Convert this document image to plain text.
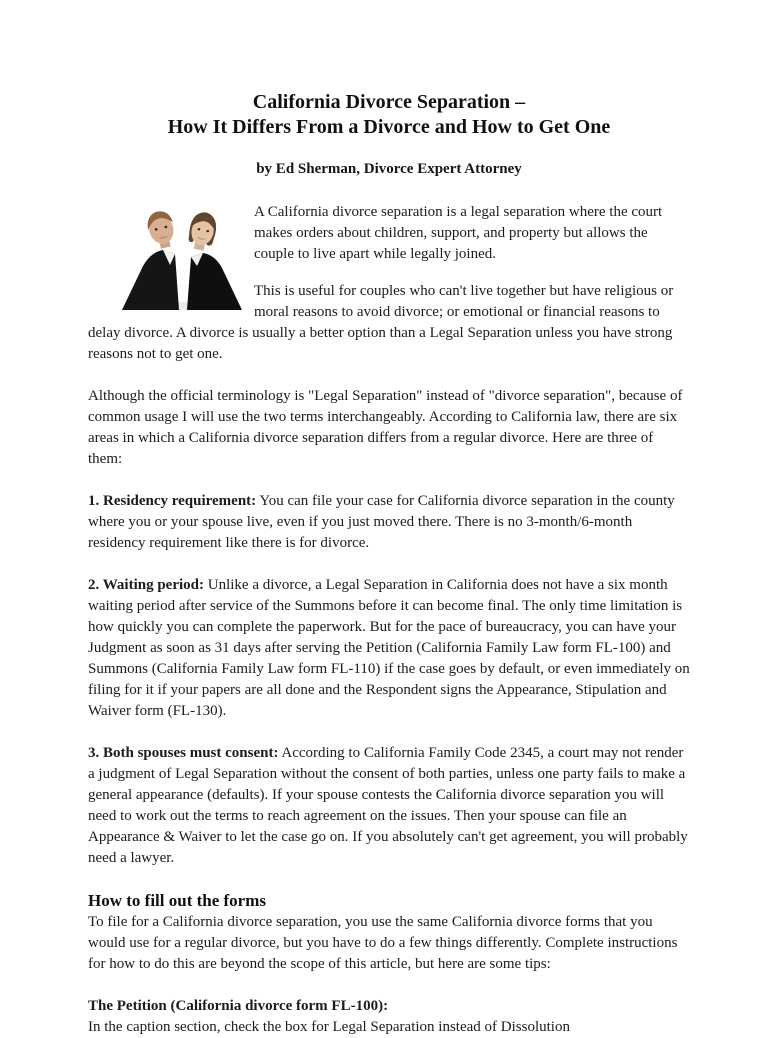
California Divorce Separation –
How It Differs From a Divorce and How to Get One
by Ed Sherman, Divorce Expert Attorney

A California divorce separation is a legal separation where the court makes orders about children, support, and property but allows the couple to live apart while legally joined.

This is useful for couples who can't live together but have religious or moral reasons to avoid divorce; or emotional or financial reasons to delay divorce. A divorce is usually a better option than a Legal Separation unless you have strong reasons not to get one.

Although the official terminology is "Legal Separation" instead of "divorce separation", because of common usage I will use the two terms interchangeably. According to California law, there are six areas in which a California divorce separation differs from a regular divorce. Here are three of them:

1. Residency requirement: You can file your case for California divorce separation in the county where you or your spouse live, even if you just moved there. There is no 3-month/6-month residency requirement like there is for divorce.

2. Waiting period: Unlike a divorce, a Legal Separation in California does not have a six month waiting period after service of the Summons before it can become final. The only time limitation is how quickly you can complete the paperwork. But for the pace of bureaucracy, you can have your Judgment as soon as 31 days after serving the Petition (California Family Law form FL-100) and Summons (California Family Law form FL-110) if the case goes by default, or even immediately on filing for it if your papers are all done and the Respondent signs the Appearance, Stipulation and Waiver form (FL-130).

3. Both spouses must consent: According to California Family Code 2345, a court may not render a judgment of Legal Separation without the consent of both parties, unless one party fails to make a general appearance (defaults). If your spouse contests the California divorce separation you will need to work out the terms to reach agreement on the issues. Then your spouse can file an Appearance & Waiver to let the case go on. If you absolutely can't get agreement, you will probably need a lawyer.

How to fill out the forms

To file for a California divorce separation, you use the same California divorce forms that you would use for a regular divorce, but you have to do a few things differently. Complete instructions for how to do this are beyond the scope of this article, but here are some tips:

The Petition (California divorce form FL-100):
In the caption section, check the box for Legal Separation instead of Dissolution
